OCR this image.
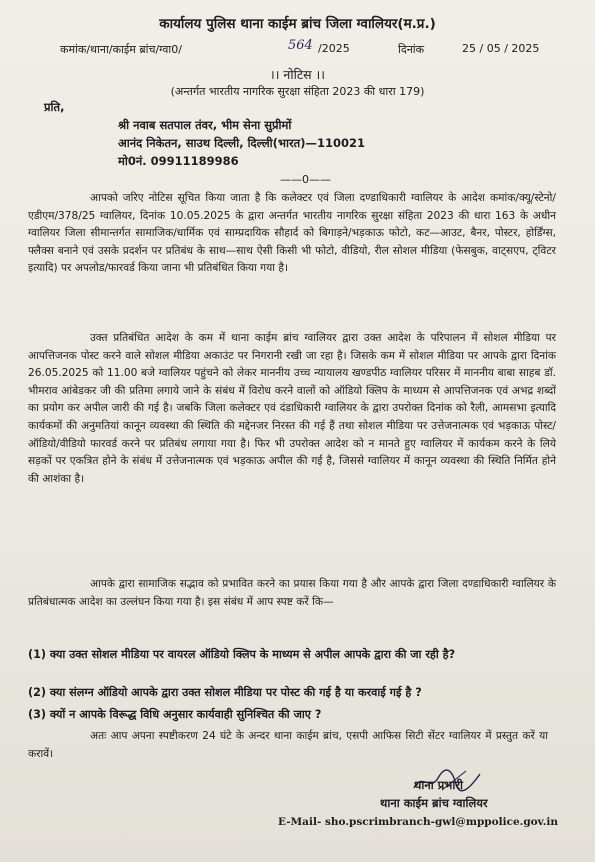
कार्यालय पुलिस थाना काईम ब्रांच जिला ग्वालियर(म.प्र.)
कमांक/थाना/काईम ब्रांच/ग्वा0/	564 /2025	दिनांक	25 / 05 / 2025
।। नोटिस ।।
(अन्तर्गत भारतीय नागरिक सुरक्षा संहिता 2023 की धारा 179)
प्रति,
श्री नवाब सतपाल तंवर, भीम सेना सुप्रीमों
आनंद निकेतन, साउथ दिल्ली, दिल्ली(भारत)—110021
मो0नं. 09911189986
——0——
आपको जरिए नोटिस सूचित किया जाता है कि कलेक्टर एवं जिला दण्डाधिकारी ग्वालियर के आदेश कमांक/क्यू/स्टेनो/एडीएम/378/25 ग्वालियर, दिनांक 10.05.2025 के द्वारा अन्तर्गत भारतीय नागरिक सुरक्षा संहिता 2023 की धारा 163 के अधीन ग्वालियर जिला सीमान्तर्गत सामाजिक/धार्मिक एवं साम्प्रदायिक सौहार्द को बिगाड़ने/भड़काऊ फोटो, कट—आउट, बैनर, पोस्टर, होर्डिंग्स, फ्लैक्स बनाने एवं उसके प्रदर्शन पर प्रतिबंध के साथ—साथ ऐसी किसी भी फोटो, वीडियो, रील सोशल मीडिया (फेसबुक, वाट्सएप, ट्विटर इत्यादि) पर अपलोड/फारवर्ड किया जाना भी प्रतिबंधित किया गया है।
उक्त प्रतिबंधित आदेश के कम में थाना काईम ब्रांच ग्वालियर द्वारा उक्त आदेश के परिपालन में सोशल मीडिया पर आपत्तिजनक पोस्ट करने वाले सोशल मीडिया अकाउंट पर निगरानी रखी जा रहा है। जिसके कम में सोशल मीडिया पर आपके द्वारा दिनांक 26.05.2025 को 11.00 बजे ग्वालियर पहुंचने को लेकर माननीय उच्च न्यायालय खण्डपीठ ग्वालियर परिसर में माननीय बाबा साहब डॉ. भीमराव आंबेडकर जी की प्रतिमा लगाये जाने के संबंध में विरोध करने वालों को ऑडियो क्लिप के माध्यम से आपत्तिजनक एवं अभद्र शब्दों का प्रयोग कर अपील जारी की गई है। जबकि जिला कलेक्टर एवं दंडाधिकारी ग्वालियर के द्वारा उपरोक्त दिनांक को रैली, आमसभा इत्यादि कार्यकमों की अनुमतियां कानून व्यवस्था की स्थिति की मद्देनजर निरस्त की गई हैं तथा सोशल मीडिया पर उत्तेजनात्मक एवं भड़काऊ पोस्ट/ऑडियो/वीडियो फारवर्ड करने पर प्रतिबंध लगाया गया है। फिर भी उपरोक्त आदेश को न मानते हुए ग्वालियर में कार्यकम करने के लिये सड़कों पर एकत्रित होने के संबंध में उत्तेजनात्मक एवं भड़काऊ अपील की गई है, जिससे ग्वालियर में कानून व्यवस्था की स्थिति निर्मित होने की आशंका है।
आपके द्वारा सामाजिक सद्भाव को प्रभावित करने का प्रयास किया गया है और आपके द्वारा जिला दण्डाधिकारी ग्वालियर के प्रतिबंधात्मक आदेश का उल्लंघन किया गया है। इस संबंध में आप स्पष्ट करें कि—
(1) क्या उक्त सोशल मीडिया पर वायरल ऑडियो क्लिप के माध्यम से अपील आपके द्वारा की जा रही है?
(2) क्या संलग्न ऑडियो आपके द्वारा उक्त सोशल मीडिया पर पोस्ट की गई है या करवाई गई है ?
(3) क्यों न आपके विरूद्ध विधि अनुसार कार्यवाही सुनिश्चित की जाए ?
अतः आप अपना स्पष्टीकरण 24 घंटे के अन्दर थाना काईम ब्रांच, एसपी आफिस सिटी सेंटर ग्वालियर में प्रस्तुत करें या करावें।
थाना प्रभारी
थाना काईम ब्रांच ग्वालियर
E-Mail- sho.pscrimbranch-gwl@mppolice.gov.in
